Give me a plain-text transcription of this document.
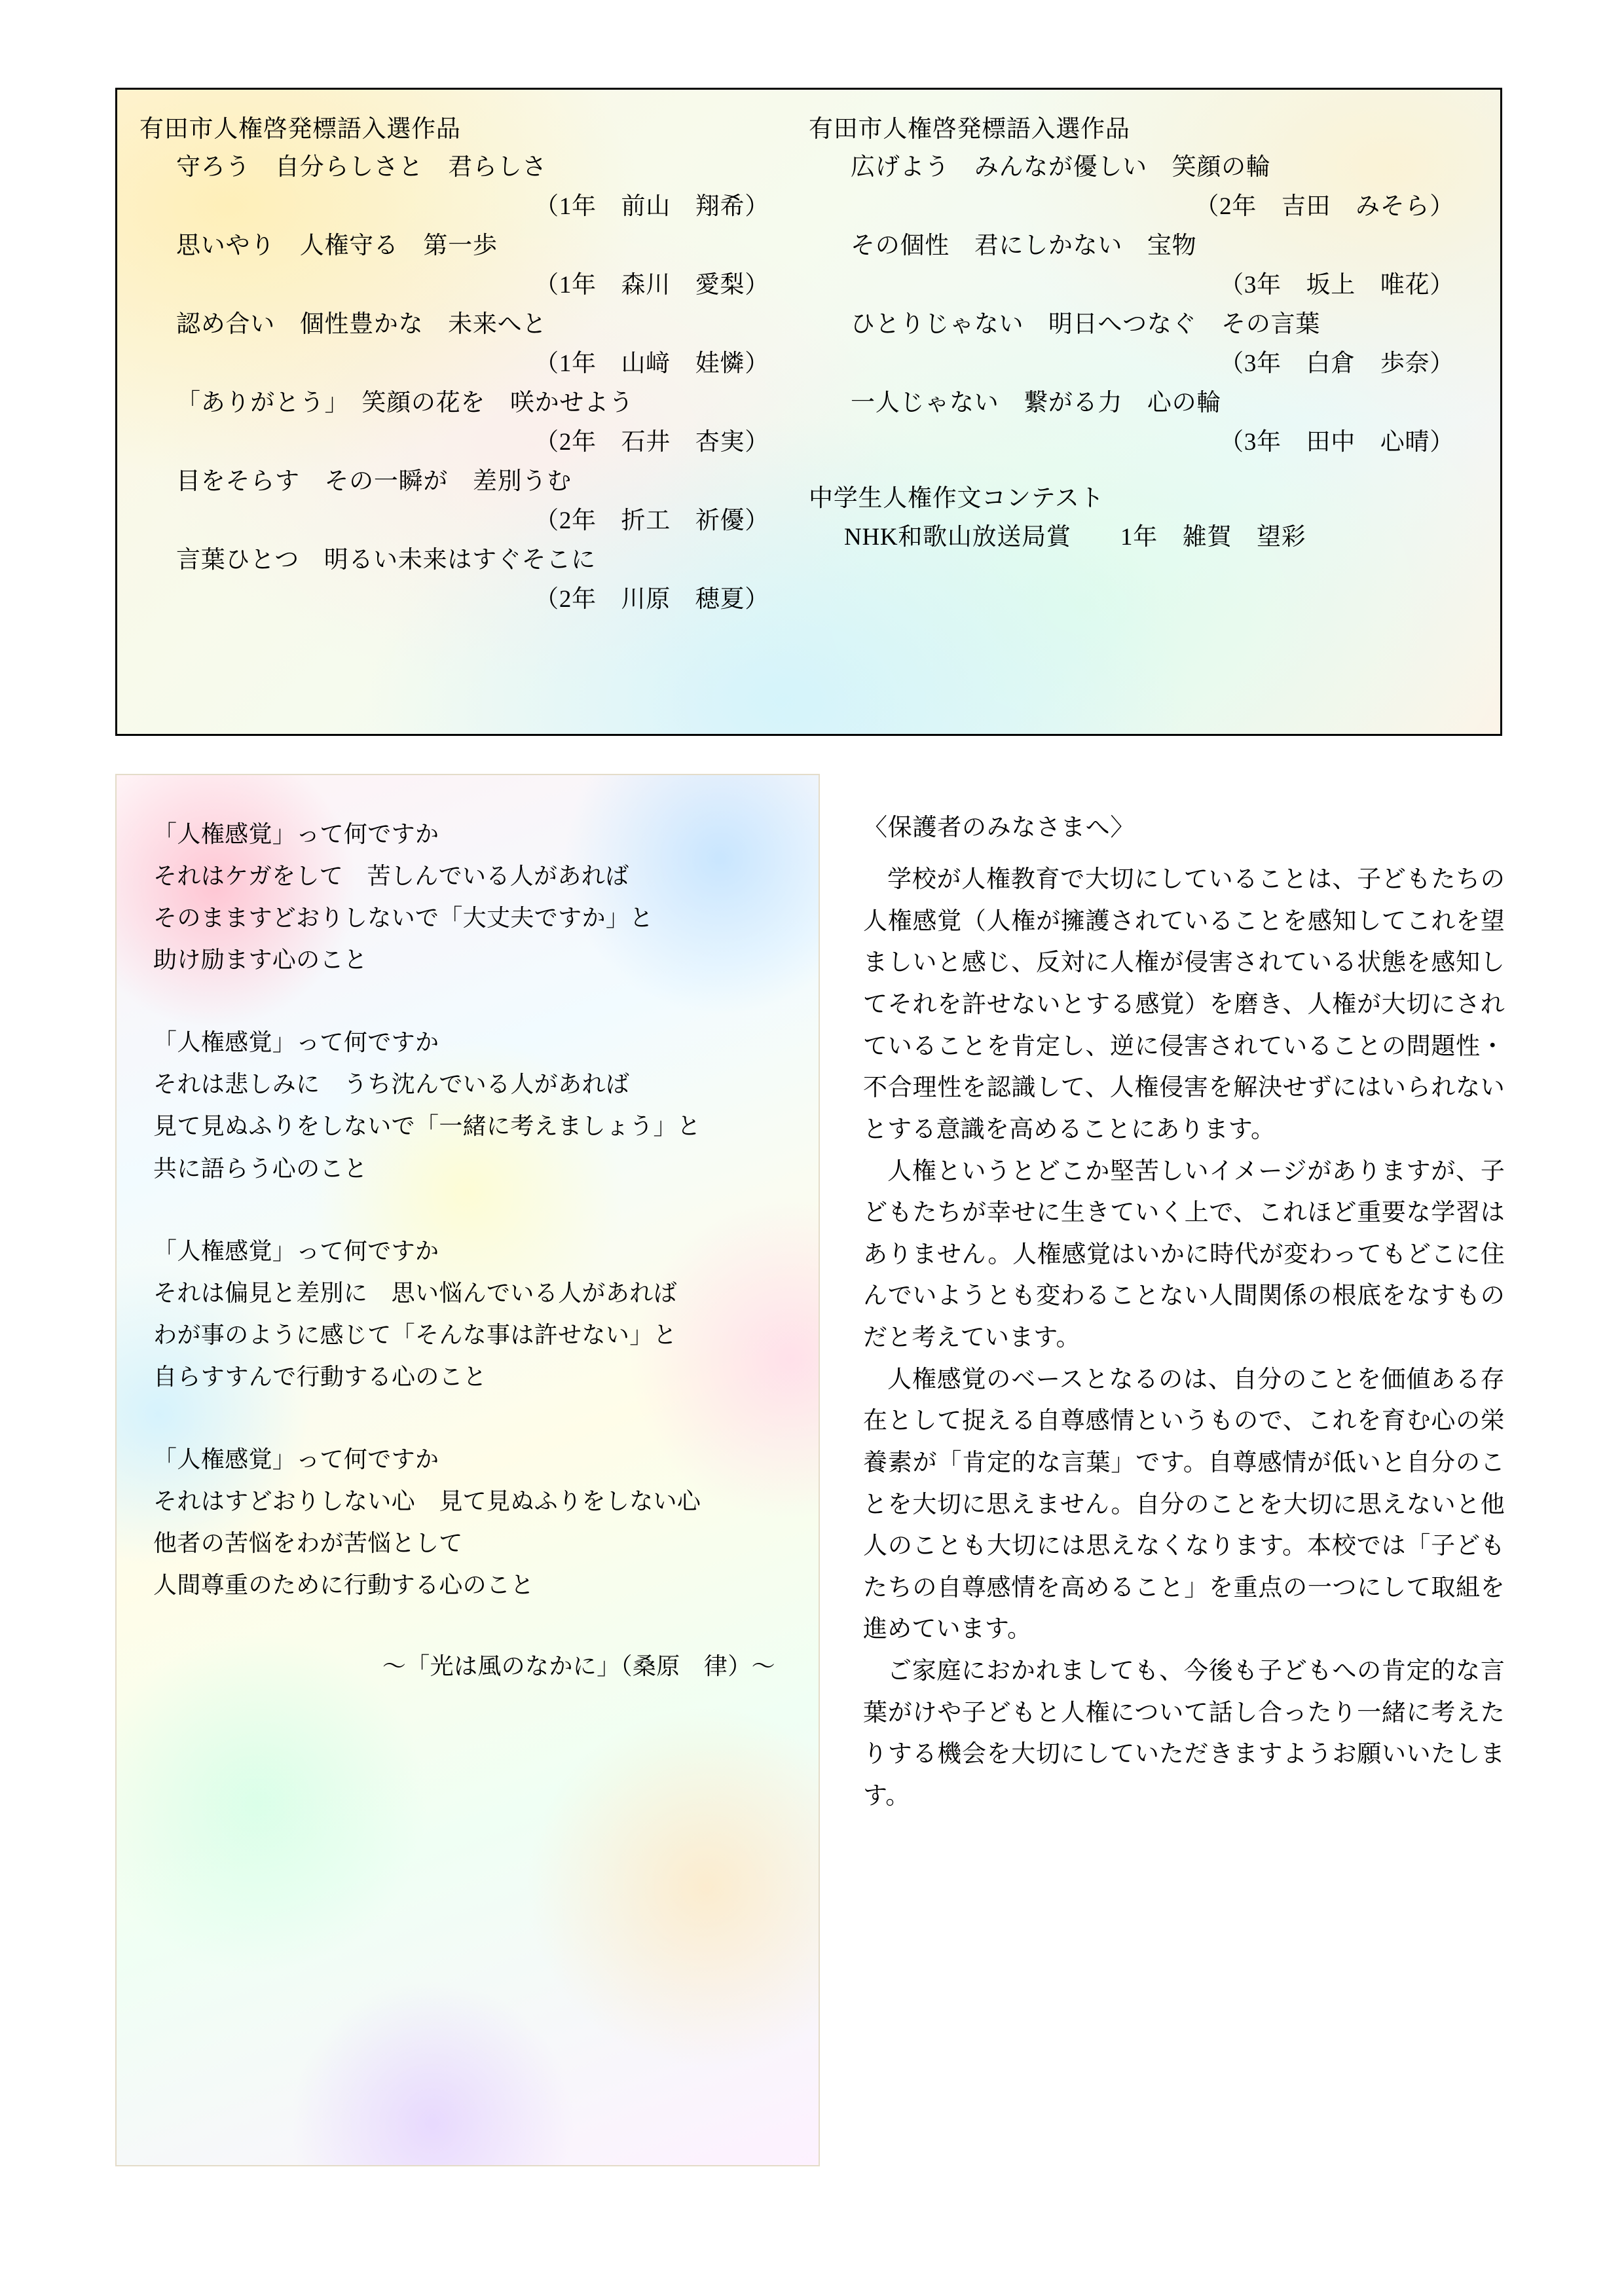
有田市人権啓発標語入選作品
守ろう　自分らしさと　君らしさ
（1年　前山　翔希）
思いやり　人権守る　第一歩
（1年　森川　愛梨）
認め合い　個性豊かな　未来へと
（1年　山﨑　娃憐）
「ありがとう」　笑顔の花を　咲かせよう
（2年　石井　杏実）
目をそらす　その一瞬が　差別うむ
（2年　折工　祈優）
言葉ひとつ　明るい未来はすぐそこに
（2年　川原　穂夏）
有田市人権啓発標語入選作品
広げよう　みんなが優しい　笑顔の輪
（2年　吉田　みそら）
その個性　君にしかない　宝物
（3年　坂上　唯花）
ひとりじゃない　明日へつなぐ　その言葉
（3年　白倉　歩奈）
一人じゃない　繋がる力　心の輪
（3年　田中　心晴）
中学生人権作文コンテスト
NHK和歌山放送局賞　　1年　雑賀　望彩
「人権感覚」って何ですか
それはケガをして　苦しんでいる人があれば
そのまますどおりしないで「大丈夫ですか」と
助け励ます心のこと
「人権感覚」って何ですか
それは悲しみに　うち沈んでいる人があれば
見て見ぬふりをしないで「一緒に考えましょう」と
共に語らう心のこと
「人権感覚」って何ですか
それは偏見と差別に　思い悩んでいる人があれば
わが事のように感じて「そんな事は許せない」と
自らすすんで行動する心のこと
「人権感覚」って何ですか
それはすどおりしない心　見て見ぬふりをしない心
他者の苦悩をわが苦悩として
人間尊重のために行動する心のこと
〜「光は風のなかに」（桑原　律）〜
〈保護者のみなさまへ〉

学校が人権教育で大切にしていることは、子どもたちの人権感覚（人権が擁護されていることを感知してこれを望ましいと感じ、反対に人権が侵害されている状態を感知してそれを許せないとする感覚）を磨き、人権が大切にされていることを肯定し、逆に侵害されていることの問題性・不合理性を認識して、人権侵害を解決せずにはいられないとする意識を高めることにあります。

人権というとどこか堅苦しいイメージがありますが、子どもたちが幸せに生きていく上で、これほど重要な学習はありません。人権感覚はいかに時代が変わってもどこに住んでいようとも変わることない人間関係の根底をなすものだと考えています。

人権感覚のベースとなるのは、自分のことを価値ある存在として捉える自尊感情というもので、これを育む心の栄養素が「肯定的な言葉」です。自尊感情が低いと自分のことを大切に思えません。自分のことを大切に思えないと他人のことも大切には思えなくなります。本校では「子どもたちの自尊感情を高めること」を重点の一つにして取組を進めています。

ご家庭におかれましても、今後も子どもへの肯定的な言葉がけや子どもと人権について話し合ったり一緒に考えたりする機会を大切にしていただきますようお願いいたします。
